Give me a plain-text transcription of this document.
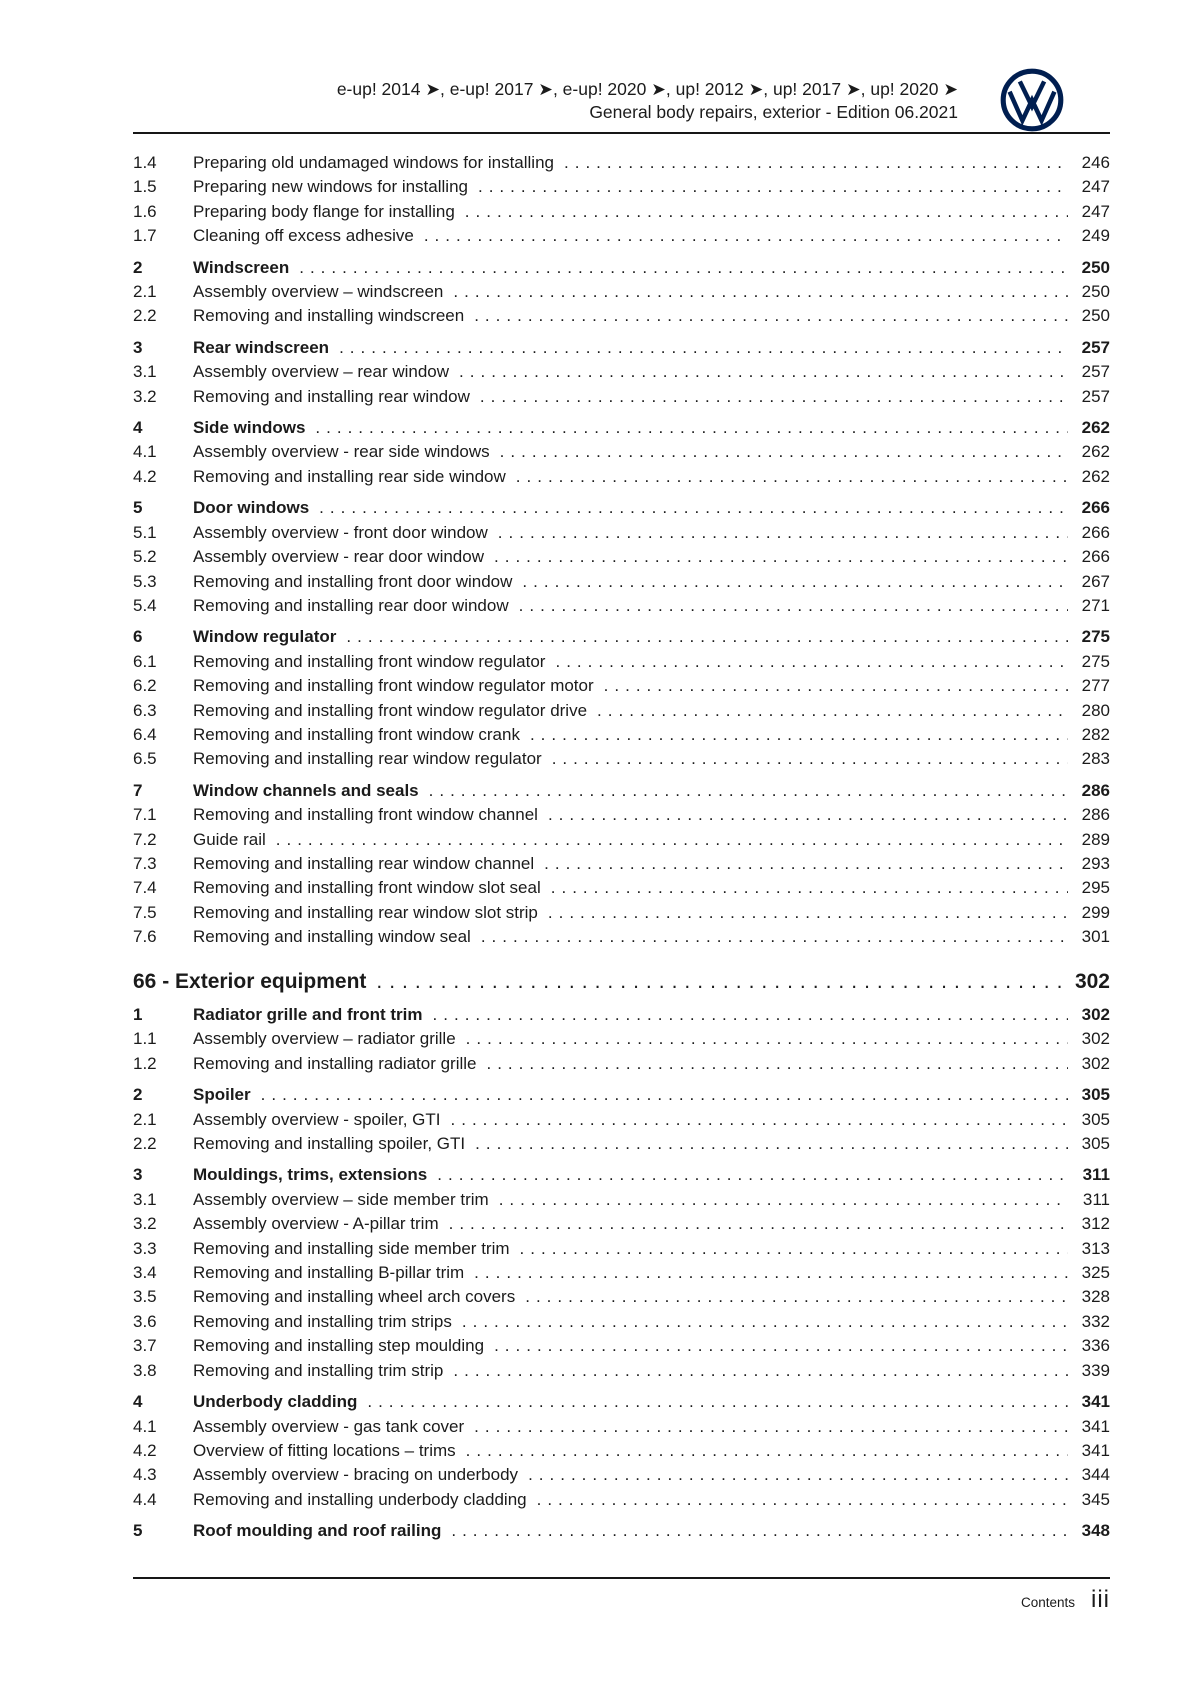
e-up! 2014 ➤, e-up! 2017 ➤, e-up! 2020 ➤, up! 2012 ➤, up! 2017 ➤, up! 2020 ➤
General body repairs, exterior - Edition 06.2021
1.4	Preparing old undamaged windows for installing .....	246
1.5	Preparing new windows for installing .....	247
1.6	Preparing body flange for installing .....	247
1.7	Cleaning off excess adhesive .....	249
2	Windscreen .....	250
2.1	Assembly overview – windscreen .....	250
2.2	Removing and installing windscreen .....	250
3	Rear windscreen .....	257
3.1	Assembly overview – rear window .....	257
3.2	Removing and installing rear window .....	257
4	Side windows .....	262
4.1	Assembly overview - rear side windows .....	262
4.2	Removing and installing rear side window .....	262
5	Door windows .....	266
5.1	Assembly overview - front door window .....	266
5.2	Assembly overview - rear door window .....	266
5.3	Removing and installing front door window .....	267
5.4	Removing and installing rear door window .....	271
6	Window regulator .....	275
6.1	Removing and installing front window regulator .....	275
6.2	Removing and installing front window regulator motor .....	277
6.3	Removing and installing front window regulator drive .....	280
6.4	Removing and installing front window crank .....	282
6.5	Removing and installing rear window regulator .....	283
7	Window channels and seals .....	286
7.1	Removing and installing front window channel .....	286
7.2	Guide rail .....	289
7.3	Removing and installing rear window channel .....	293
7.4	Removing and installing front window slot seal .....	295
7.5	Removing and installing rear window slot strip .....	299
7.6	Removing and installing window seal .....	301
66 - Exterior equipment .....	302
1	Radiator grille and front trim .....	302
1.1	Assembly overview – radiator grille .....	302
1.2	Removing and installing radiator grille .....	302
2	Spoiler .....	305
2.1	Assembly overview - spoiler, GTI .....	305
2.2	Removing and installing spoiler, GTI .....	305
3	Mouldings, trims, extensions .....	311
3.1	Assembly overview – side member trim .....	311
3.2	Assembly overview - A-pillar trim .....	312
3.3	Removing and installing side member trim .....	313
3.4	Removing and installing B-pillar trim .....	325
3.5	Removing and installing wheel arch covers .....	328
3.6	Removing and installing trim strips .....	332
3.7	Removing and installing step moulding .....	336
3.8	Removing and installing trim strip .....	339
4	Underbody cladding .....	341
4.1	Assembly overview - gas tank cover .....	341
4.2	Overview of fitting locations – trims .....	341
4.3	Assembly overview - bracing on underbody .....	344
4.4	Removing and installing underbody cladding .....	345
5	Roof moulding and roof railing .....	348
Contents iii
